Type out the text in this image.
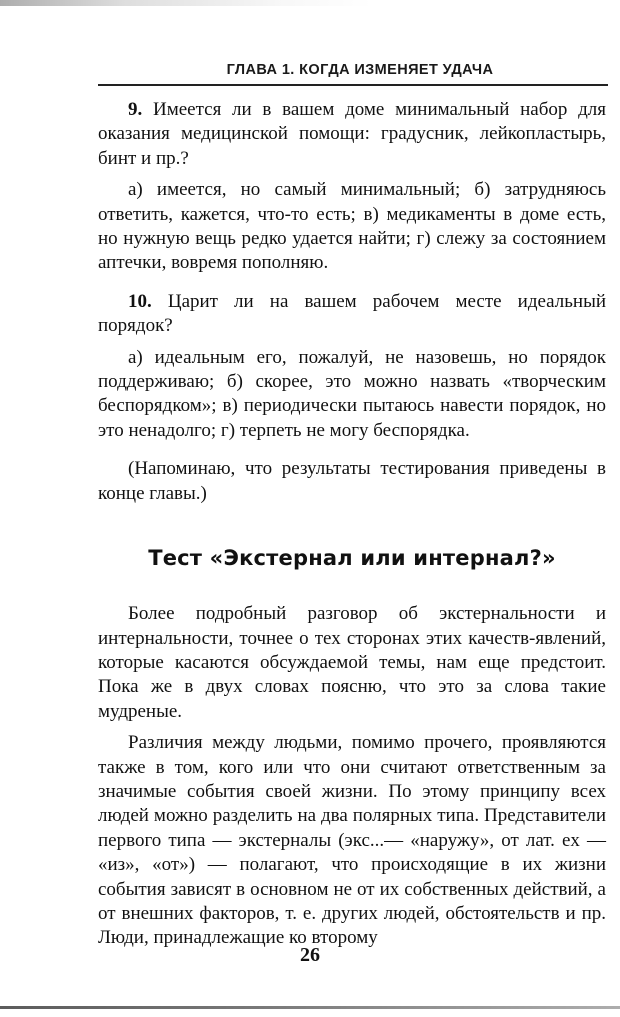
ГЛАВА 1. КОГДА ИЗМЕНЯЕТ УДАЧА

9. Имеется ли в вашем доме минимальный набор для оказания медицинской помощи: градусник, лейкопластырь, бинт и пр.?

а) имеется, но самый минимальный; б) затрудняюсь ответить, кажется, что-то есть; в) медикаменты в доме есть, но нужную вещь редко удается найти; г) слежу за состоянием аптечки, вовремя пополняю.

10. Царит ли на вашем рабочем месте идеальный порядок?

а) идеальным его, пожалуй, не назовешь, но порядок поддерживаю; б) скорее, это можно назвать «творческим беспорядком»; в) периодически пытаюсь навести порядок, но это ненадолго; г) терпеть не могу беспорядка.

(Напоминаю, что результаты тестирования приведены в конце главы.)

Тест «Экстернал или интернал?»

Более подробный разговор об экстернальности и интернальности, точнее о тех сторонах этих качеств-явлений, которые касаются обсуждаемой темы, нам еще предстоит. Пока же в двух словах поясню, что это за слова такие мудреные.

Различия между людьми, помимо прочего, проявляются также в том, кого или что они считают ответственным за значимые события своей жизни. По этому принципу всех людей можно разделить на два полярных типа. Представители первого типа — экстерналы (экс...— «наружу», от лат. ex — «из», «от») — полагают, что происходящие в их жизни события зависят в основном не от их собственных действий, а от внешних факторов, т. е. других людей, обстоятельств и пр. Люди, принадлежащие ко второму

26
